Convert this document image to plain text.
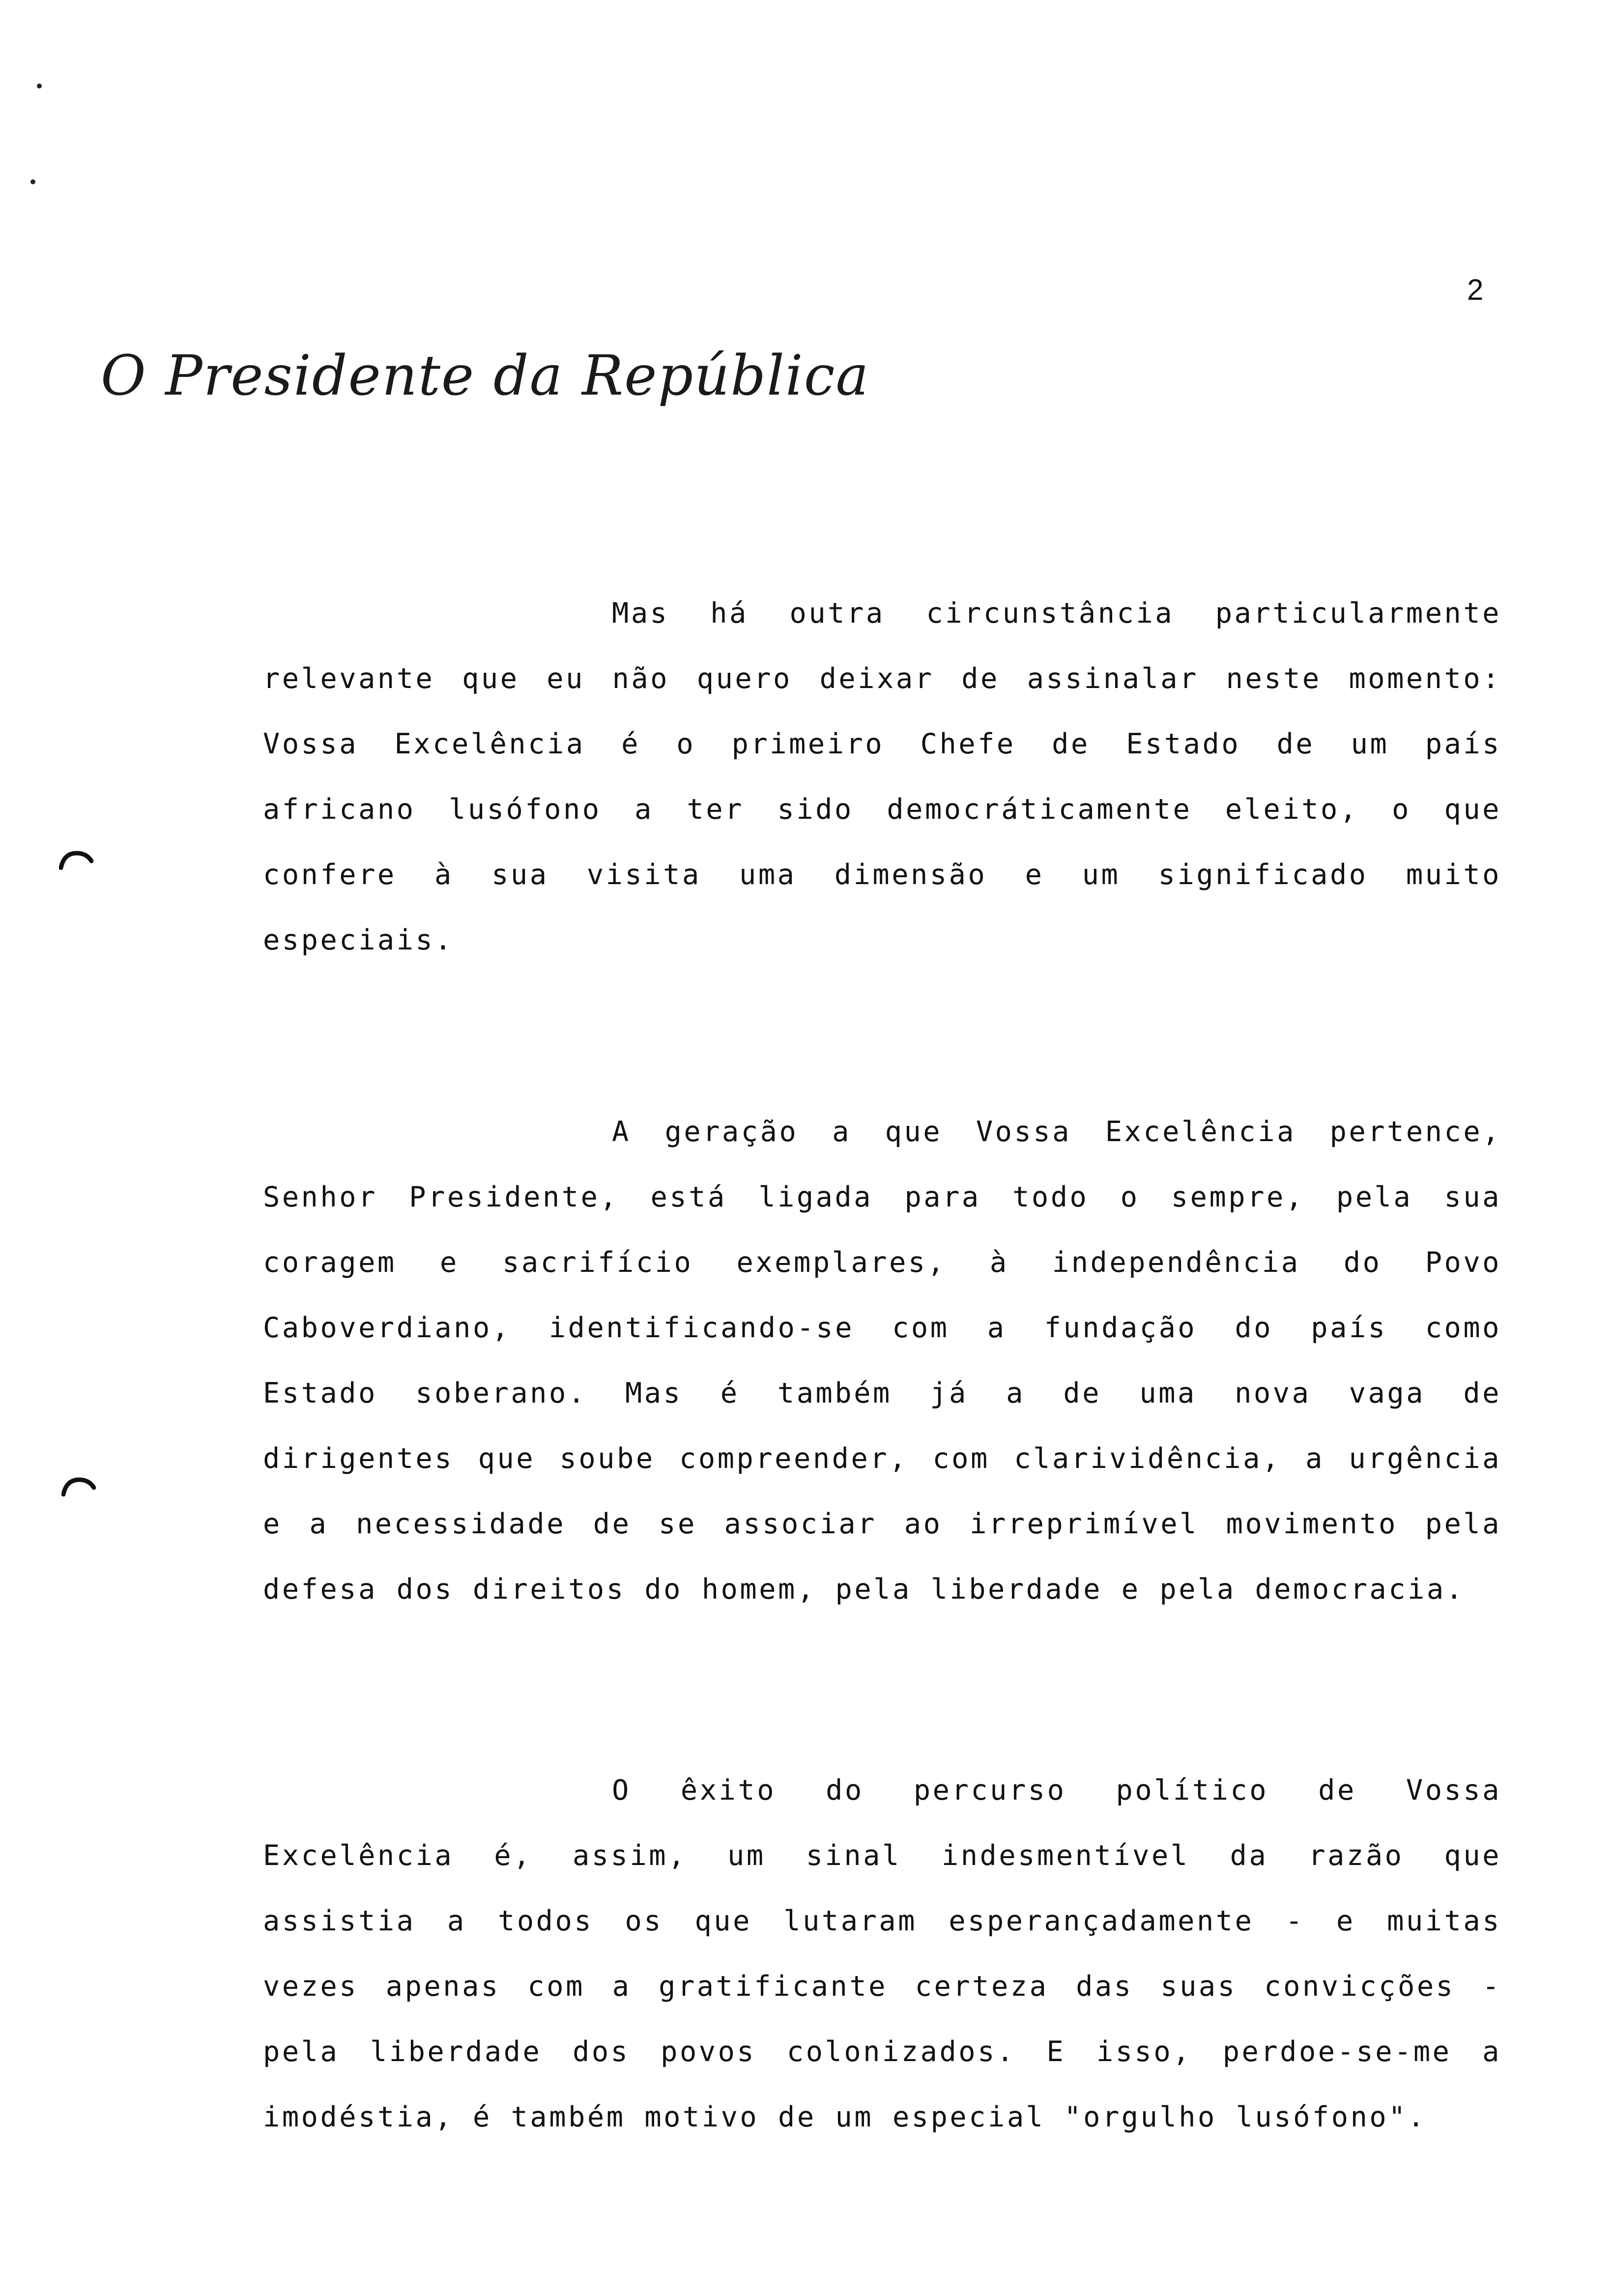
2
O Presidente da República

Mas há outra circunstância particularmente relevante que eu não quero deixar de assinalar neste momento: Vossa Excelência é o primeiro Chefe de Estado de um país africano lusófono a ter sido democráticamente eleito, o que confere à sua visita uma dimensão e um significado muito especiais.

A geração a que Vossa Excelência pertence, Senhor Presidente, está ligada para todo o sempre, pela sua coragem e sacrifício exemplares, à independência do Povo Caboverdiano, identificando-se com a fundação do país como Estado soberano. Mas é também já a de uma nova vaga de dirigentes que soube compreender, com clarividência, a urgência e a necessidade de se associar ao irreprimível movimento pela defesa dos direitos do homem, pela liberdade e pela democracia.

O êxito do percurso político de Vossa Excelência é, assim, um sinal indesmentível da razão que assistia a todos os que lutaram esperançadamente - e muitas vezes apenas com a gratificante certeza das suas convicções - pela liberdade dos povos colonizados. E isso, perdoe-se-me a imodéstia, é também motivo de um especial "orgulho lusófono".
